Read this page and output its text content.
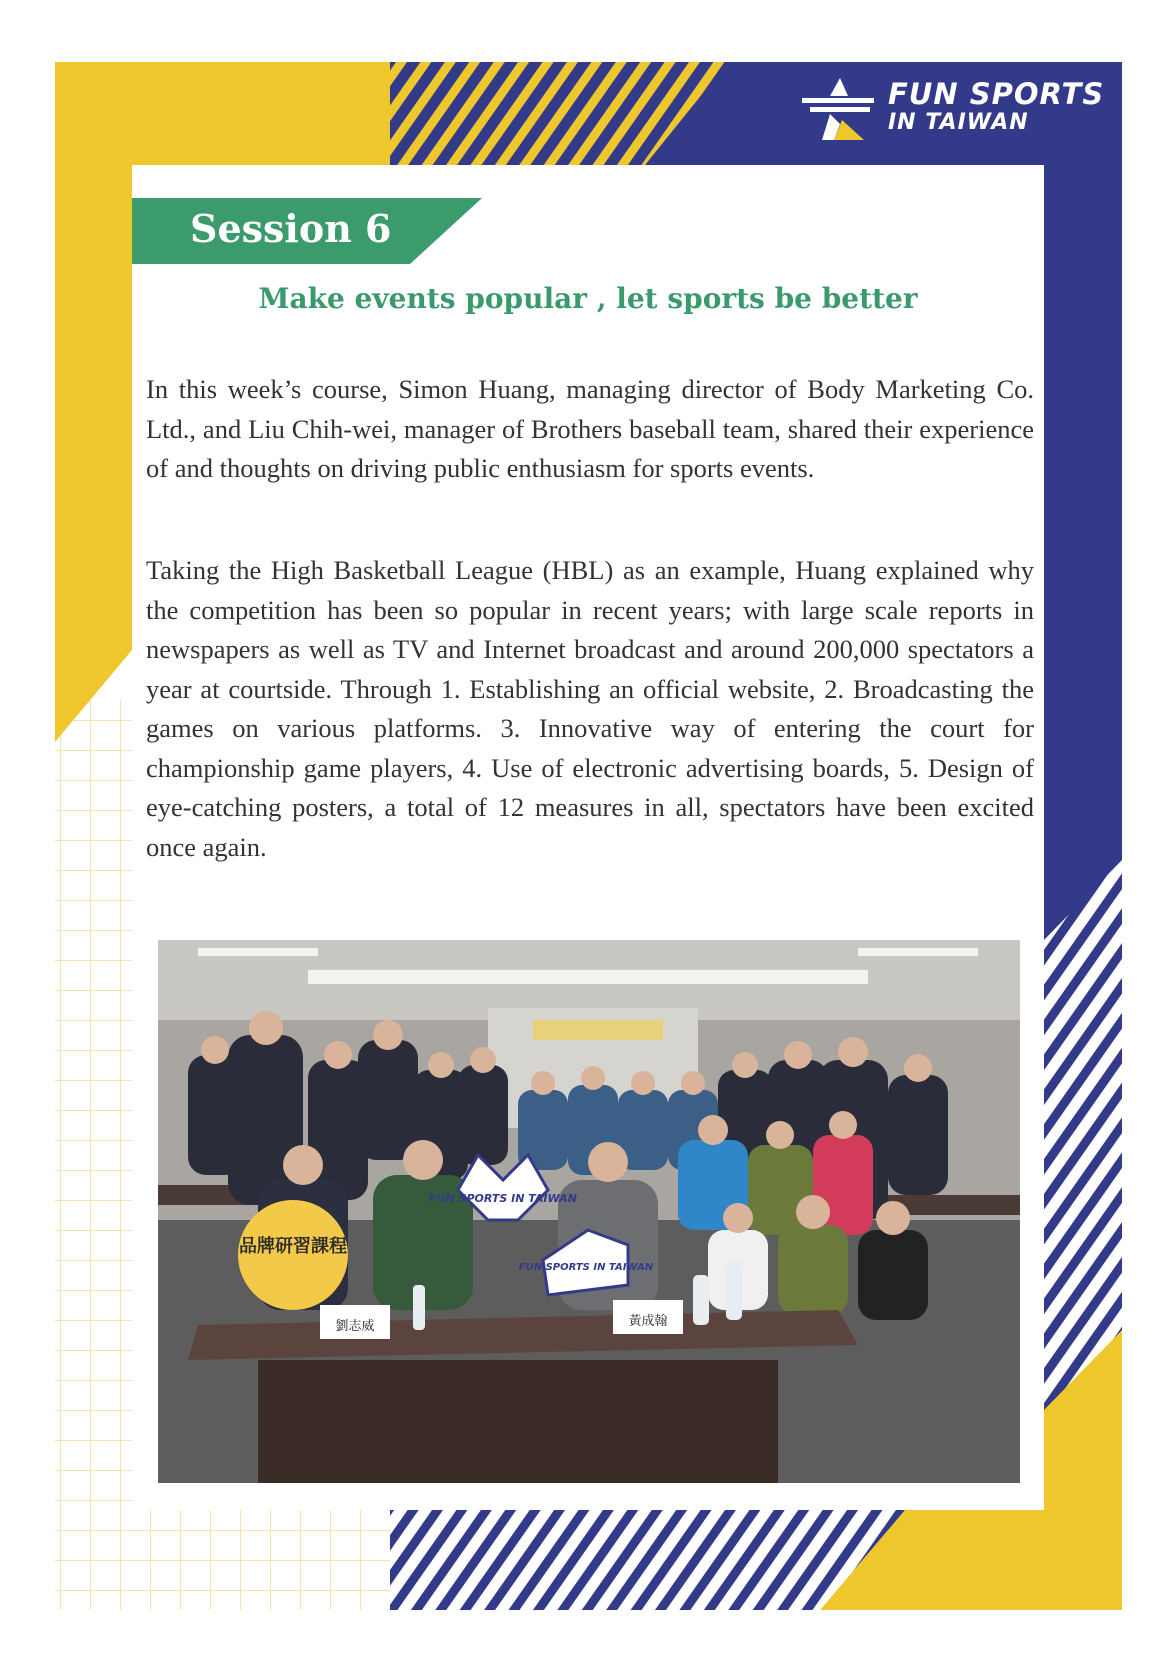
FUN SPORTS
IN TAIWAN
Session 6
Make events popular , let sports be better

In this week’s course, Simon Huang, managing director of Body Marketing Co. Ltd., and Liu Chih-wei, manager of Brothers baseball team, shared their experience of and thoughts on driving public enthusiasm for sports events.

Taking the High Basketball League (HBL) as an example, Huang explained why the competition has been so popular in recent years; with large scale reports in newspapers as well as TV and Internet broadcast and around 200,000 spectators a year at courtside. Through 1. Establishing an official website, 2. Broadcasting the games on various platforms. 3. Innovative way of entering the court for championship game players, 4. Use of electronic advertising boards, 5. Design of eye-catching posters, a total of 12 measures in all, spectators have been excited once again.

品牌研習課程
FUN SPORTS IN TAIWAN
FUN SPORTS IN TAIWAN
劉志威	黃成翰
